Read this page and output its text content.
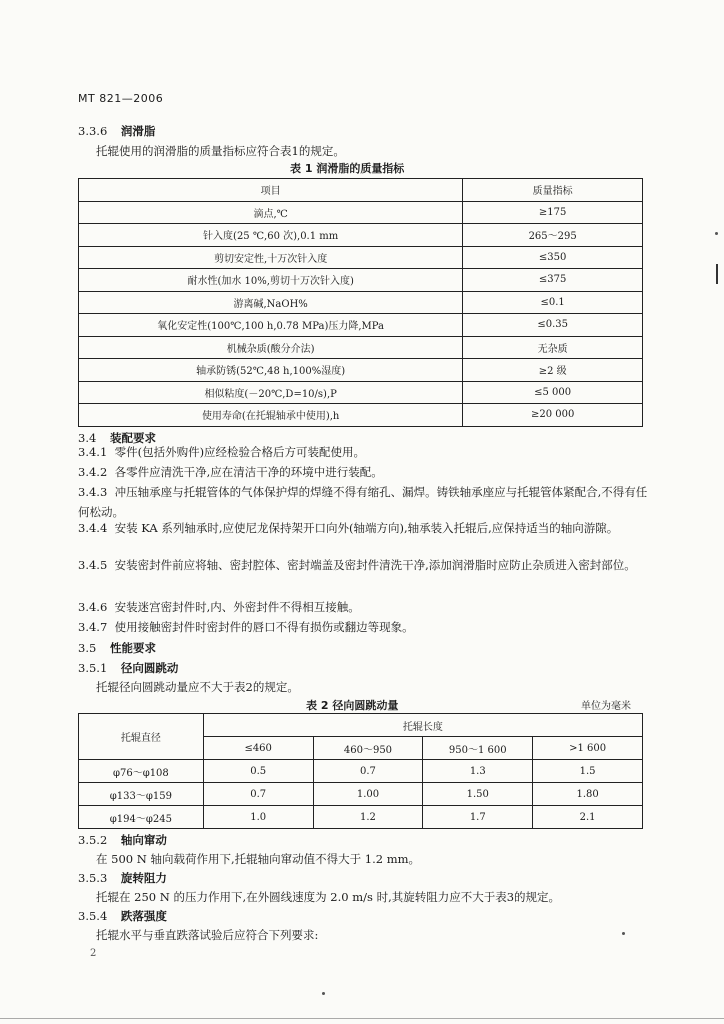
MT 821—2006
3.3.6 润滑脂
托辊使用的润滑脂的质量指标应符合表1的规定。
表 1 润滑脂的质量指标
项目	质量指标
滴点,℃	≥175
针入度(25 ℃,60 次),0.1 mm	265～295
剪切安定性,十万次针入度	≤350
耐水性(加水 10%,剪切十万次针入度)	≤375
游离碱,NaOH%	≤0.1
氧化安定性(100℃,100 h,0.78 MPa)压力降,MPa	≤0.35
机械杂质(酸分介法)	无杂质
轴承防锈(52℃,48 h,100%湿度)	≥2 级
相似粘度(－20℃,D=10/s),P	≤5 000
使用寿命(在托辊轴承中使用),h	≥20 000
3.4 装配要求
3.4.1 零件(包括外购件)应经检验合格后方可装配使用。
3.4.2 各零件应清洗干净,应在清洁干净的环境中进行装配。
3.4.3 冲压轴承座与托辊管体的气体保护焊的焊缝不得有缩孔、漏焊。铸铁轴承座应与托辊管体紧配合,不得有任何松动。
3.4.4 安装 KA 系列轴承时,应使尼龙保持架开口向外(轴端方向),轴承装入托辊后,应保持适当的轴向游隙。
3.4.5 安装密封件前应将轴、密封腔体、密封端盖及密封件清洗干净,添加润滑脂时应防止杂质进入密封部位。
3.4.6 安装迷宫密封件时,内、外密封件不得相互接触。
3.4.7 使用接触密封件时密封件的唇口不得有损伤或翻边等现象。
3.5 性能要求
3.5.1 径向圆跳动
托辊径向圆跳动量应不大于表2的规定。
表 2 径向圆跳动量	单位为毫米
托辊直径	托辊长度			
	≤460	460～950	950～1 600	>1 600
φ76～φ108	0.5	0.7	1.3	1.5
φ133～φ159	0.7	1.00	1.50	1.80
φ194～φ245	1.0	1.2	1.7	2.1
3.5.2 轴向窜动
在 500 N 轴向载荷作用下,托辊轴向窜动值不得大于 1.2 mm。
3.5.3 旋转阻力
托辊在 250 N 的压力作用下,在外圆线速度为 2.0 m/s 时,其旋转阻力应不大于表3的规定。
3.5.4 跌落强度
托辊水平与垂直跌落试验后应符合下列要求:
2
